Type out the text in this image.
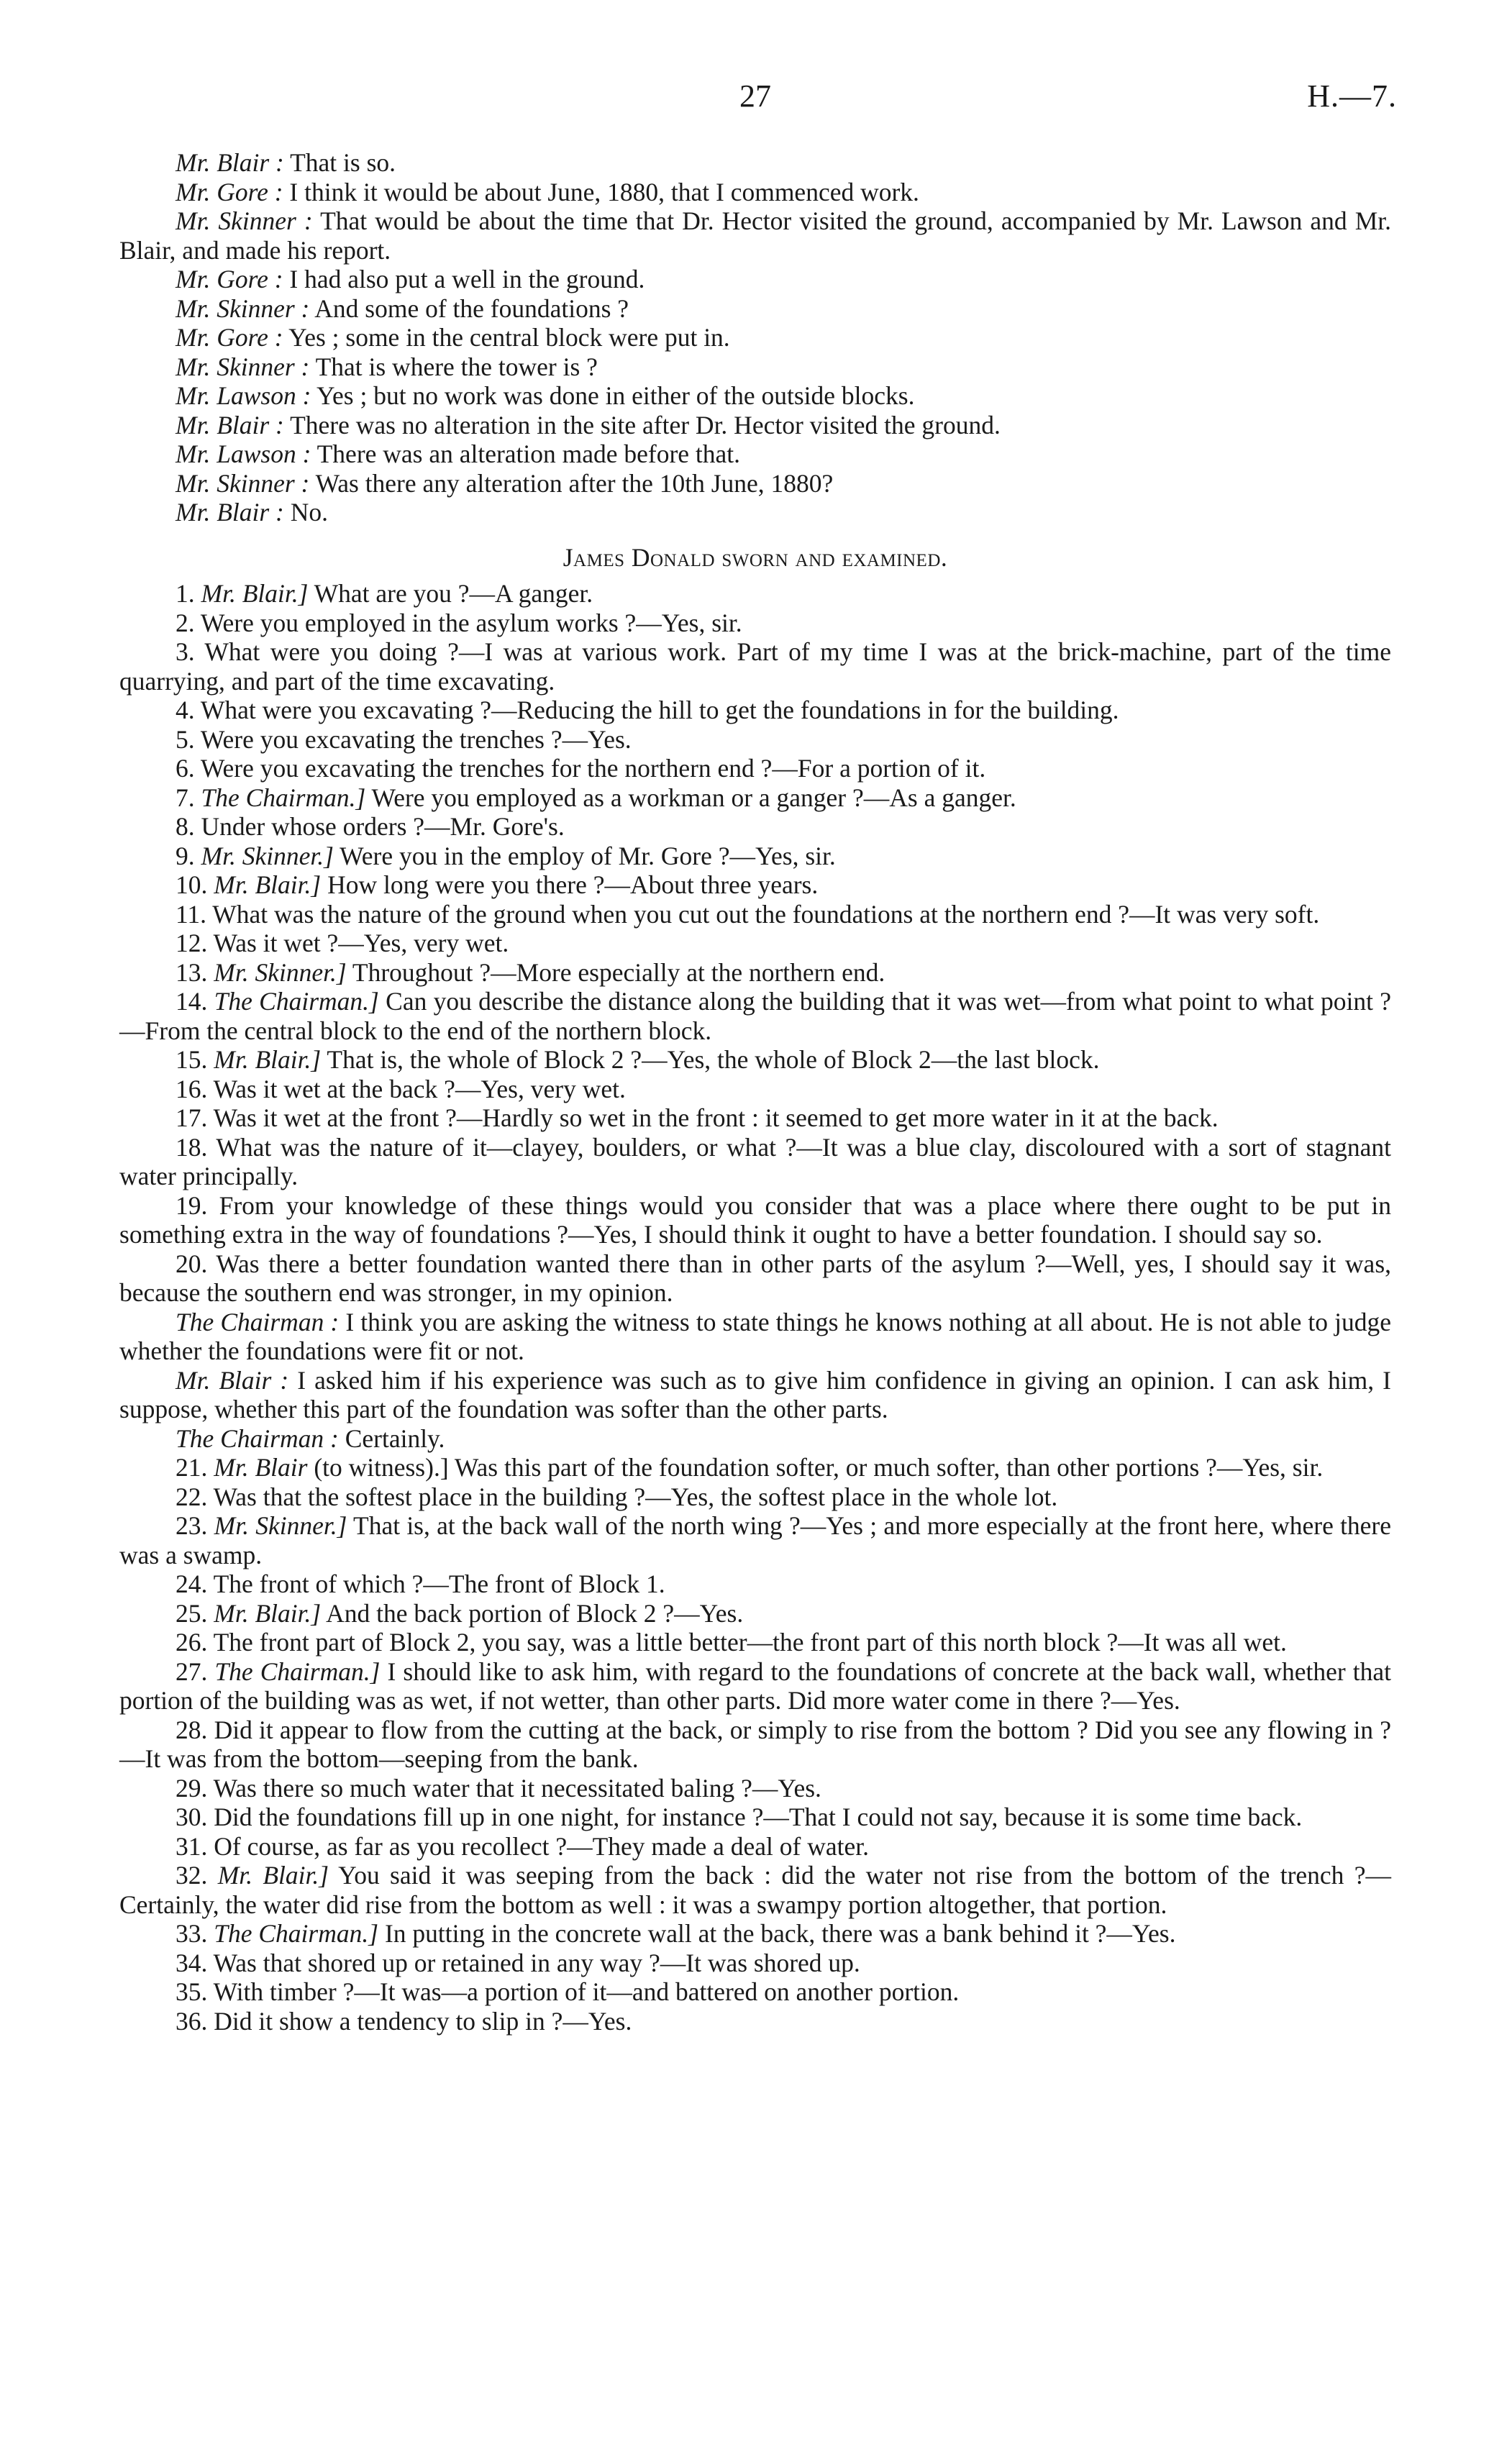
27	H.—7.

Mr. Blair : That is so.

Mr. Gore : I think it would be about June, 1880, that I commenced work.

Mr. Skinner : That would be about the time that Dr. Hector visited the ground, accompanied by Mr. Lawson and Mr. Blair, and made his report.

Mr. Gore : I had also put a well in the ground.

Mr. Skinner : And some of the foundations ?

Mr. Gore : Yes ; some in the central block were put in.

Mr. Skinner : That is where the tower is ?

Mr. Lawson : Yes ; but no work was done in either of the outside blocks.

Mr. Blair : There was no alteration in the site after Dr. Hector visited the ground.

Mr. Lawson : There was an alteration made before that.

Mr. Skinner : Was there any alteration after the 10th June, 1880?

Mr. Blair : No.

James Donald sworn and examined.

1. Mr. Blair.] What are you ?—A ganger.

2. Were you employed in the asylum works ?—Yes, sir.

3. What were you doing ?—I was at various work. Part of my time I was at the brick-machine, part of the time quarrying, and part of the time excavating.

4. What were you excavating ?—Reducing the hill to get the foundations in for the building.

5. Were you excavating the trenches ?—Yes.

6. Were you excavating the trenches for the northern end ?—For a portion of it.

7. The Chairman.] Were you employed as a workman or a ganger ?—As a ganger.

8. Under whose orders ?—Mr. Gore's.

9. Mr. Skinner.] Were you in the employ of Mr. Gore ?—Yes, sir.

10. Mr. Blair.] How long were you there ?—About three years.

11. What was the nature of the ground when you cut out the foundations at the northern end ?—It was very soft.

12. Was it wet ?—Yes, very wet.

13. Mr. Skinner.] Throughout ?—More especially at the northern end.

14. The Chairman.] Can you describe the distance along the building that it was wet—from what point to what point ?—From the central block to the end of the northern block.

15. Mr. Blair.] That is, the whole of Block 2 ?—Yes, the whole of Block 2—the last block.

16. Was it wet at the back ?—Yes, very wet.

17. Was it wet at the front ?—Hardly so wet in the front : it seemed to get more water in it at the back.

18. What was the nature of it—clayey, boulders, or what ?—It was a blue clay, discoloured with a sort of stagnant water principally.

19. From your knowledge of these things would you consider that was a place where there ought to be put in something extra in the way of foundations ?—Yes, I should think it ought to have a better foundation. I should say so.

20. Was there a better foundation wanted there than in other parts of the asylum ?—Well, yes, I should say it was, because the southern end was stronger, in my opinion.

The Chairman : I think you are asking the witness to state things he knows nothing at all about. He is not able to judge whether the foundations were fit or not.

Mr. Blair : I asked him if his experience was such as to give him confidence in giving an opinion. I can ask him, I suppose, whether this part of the foundation was softer than the other parts.

The Chairman : Certainly.

21. Mr. Blair (to witness).] Was this part of the foundation softer, or much softer, than other portions ?—Yes, sir.

22. Was that the softest place in the building ?—Yes, the softest place in the whole lot.

23. Mr. Skinner.] That is, at the back wall of the north wing ?—Yes ; and more especially at the front here, where there was a swamp.

24. The front of which ?—The front of Block 1.

25. Mr. Blair.] And the back portion of Block 2 ?—Yes.

26. The front part of Block 2, you say, was a little better—the front part of this north block ?—It was all wet.

27. The Chairman.] I should like to ask him, with regard to the foundations of concrete at the back wall, whether that portion of the building was as wet, if not wetter, than other parts. Did more water come in there ?—Yes.

28. Did it appear to flow from the cutting at the back, or simply to rise from the bottom ? Did you see any flowing in ?—It was from the bottom—seeping from the bank.

29. Was there so much water that it necessitated baling ?—Yes.

30. Did the foundations fill up in one night, for instance ?—That I could not say, because it is some time back.

31. Of course, as far as you recollect ?—They made a deal of water.

32. Mr. Blair.] You said it was seeping from the back : did the water not rise from the bottom of the trench ?—Certainly, the water did rise from the bottom as well : it was a swampy portion altogether, that portion.

33. The Chairman.] In putting in the concrete wall at the back, there was a bank behind it ?—Yes.

34. Was that shored up or retained in any way ?—It was shored up.

35. With timber ?—It was—a portion of it—and battered on another portion.

36. Did it show a tendency to slip in ?—Yes.
